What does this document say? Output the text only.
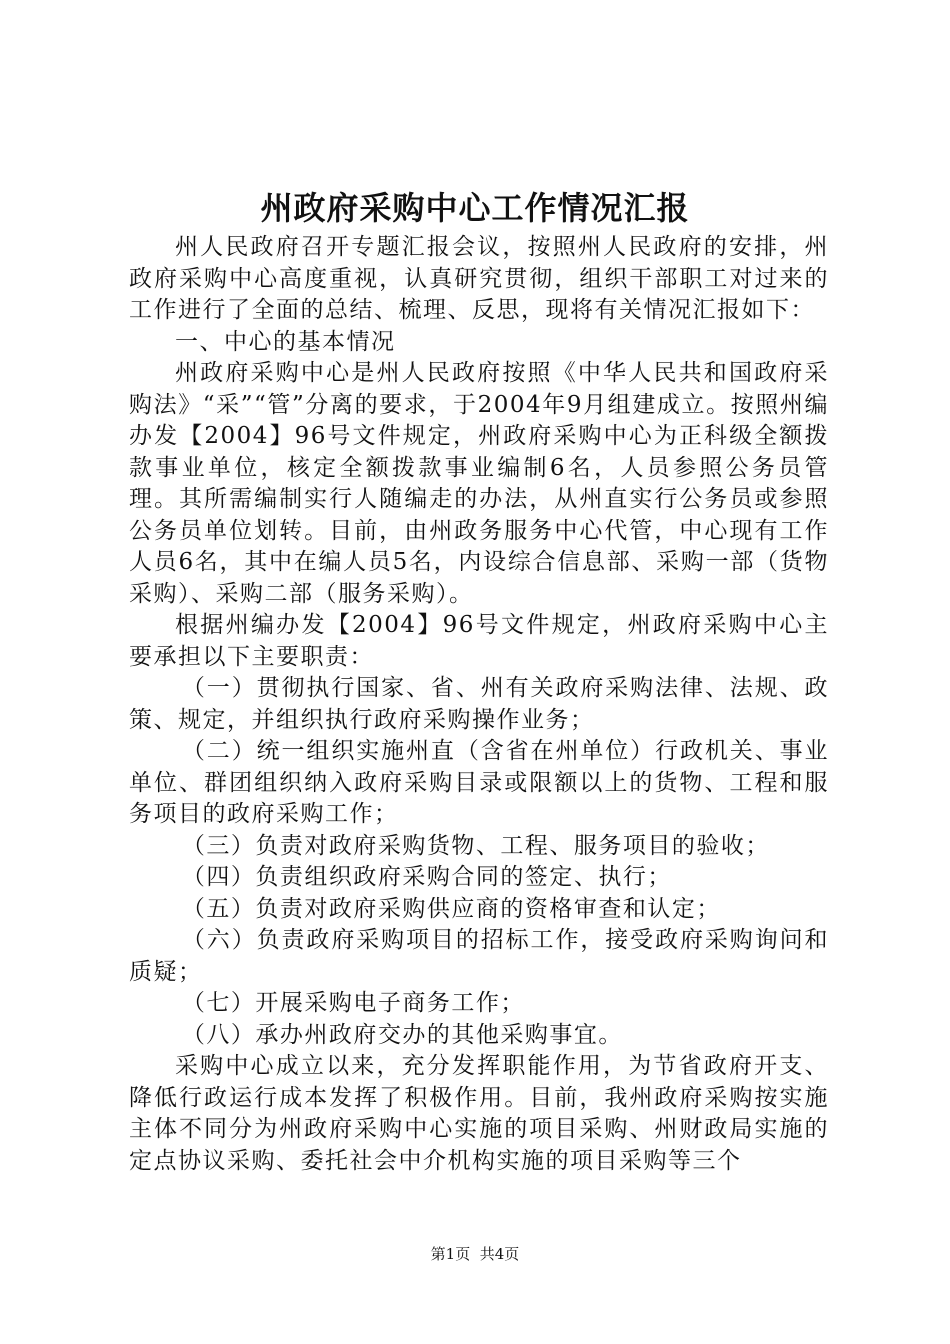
州政府采购中心工作情况汇报

州人民政府召开专题汇报会议，按照州人民政府的安排，州政府采购中心高度重视，认真研究贯彻，组织干部职工对过来的工作进行了全面的总结、梳理、反思，现将有关情况汇报如下：

一、中心的基本情况

州政府采购中心是州人民政府按照《中华人民共和国政府采购法》“采”“管”分离的要求，于2004年9月组建成立。按照州编办发【2004】96号文件规定，州政府采购中心为正科级全额拨款事业单位，核定全额拨款事业编制6名，人员参照公务员管理。其所需编制实行人随编走的办法，从州直实行公务员或参照公务员单位划转。目前，由州政务服务中心代管，中心现有工作人员6名，其中在编人员5名，内设综合信息部、采购一部（货物采购）、采购二部（服务采购）。

根据州编办发【2004】96号文件规定，州政府采购中心主要承担以下主要职责：

（一）贯彻执行国家、省、州有关政府采购法律、法规、政策、规定，并组织执行政府采购操作业务；

（二）统一组织实施州直（含省在州单位）行政机关、事业单位、群团组织纳入政府采购目录或限额以上的货物、工程和服务项目的政府采购工作；

（三）负责对政府采购货物、工程、服务项目的验收；

（四）负责组织政府采购合同的签定、执行；

（五）负责对政府采购供应商的资格审查和认定；

（六）负责政府采购项目的招标工作，接受政府采购询问和质疑；

（七）开展采购电子商务工作；

（八）承办州政府交办的其他采购事宜。

采购中心成立以来，充分发挥职能作用，为节省政府开支、降低行政运行成本发挥了积极作用。目前，我州政府采购按实施主体不同分为州政府采购中心实施的项目采购、州财政局实施的定点协议采购、委托社会中介机构实施的项目采购等三个

第1页 共4页
